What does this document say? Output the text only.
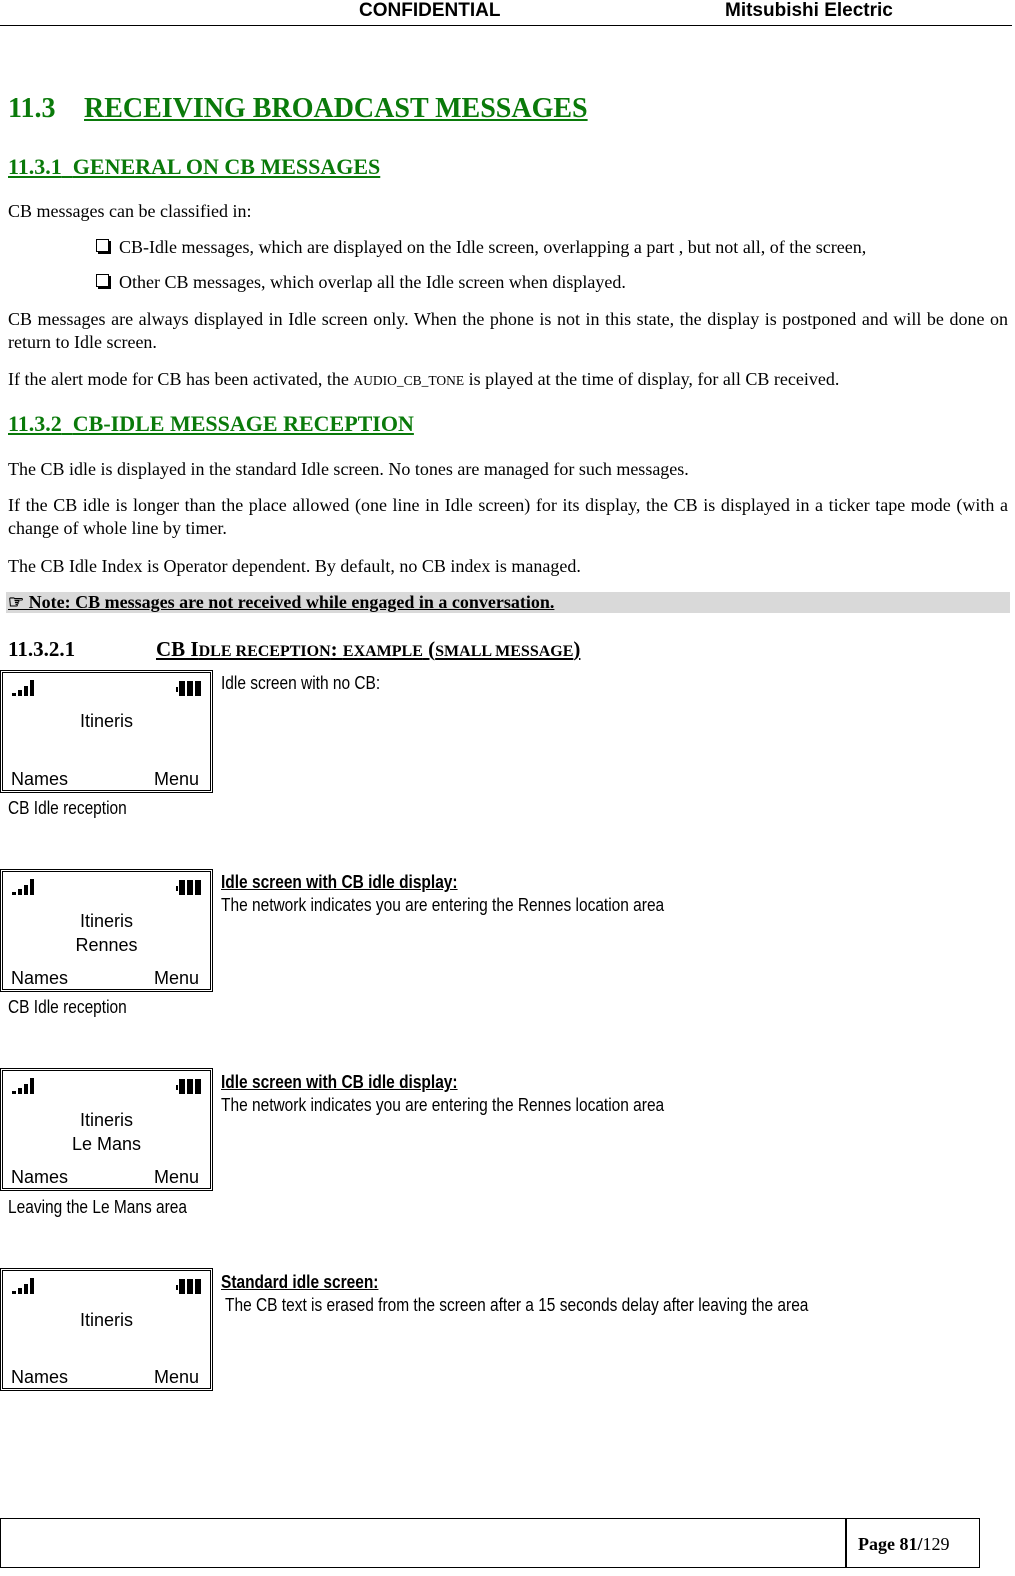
CONFIDENTIAL	Mitsubishi Electric
11.3 RECEIVING BROADCAST MESSAGES
11.3.1 GENERAL ON CB MESSAGES
CB messages can be classified in:
CB-Idle messages, which are displayed on the Idle screen, overlapping a part , but not all, of the screen,
Other CB messages, which overlap all the Idle screen when displayed.
CB messages are always displayed in Idle screen only. When the phone is not in this state, the display is postponed and will be done on return to Idle screen.
If the alert mode for CB has been activated, the AUDIO_CB_TONE is played at the time of display, for all CB received.
11.3.2 CB-IDLE MESSAGE RECEPTION
The CB idle is displayed in the standard Idle screen. No tones are managed for such messages.
If the CB idle is longer than the place allowed (one line in Idle screen) for its display, the CB is displayed in a ticker tape mode (with a change of whole line by timer.
The CB Idle Index is Operator dependent. By default, no CB index is managed.
☞ Note: CB messages are not received while engaged in a conversation.
11.3.2.1	CB IDLE RECEPTION: EXAMPLE (SMALL MESSAGE)
Itineris
Names	Menu
CB Idle reception
Idle screen with no CB:
Itineris
Rennes
Names	Menu
CB Idle reception
Idle screen with CB idle display:
The network indicates you are entering the Rennes location area
Itineris
Le Mans
Names	Menu
Leaving the Le Mans area
Idle screen with CB idle display:
The network indicates you are entering the Rennes location area
Itineris
Names	Menu
Standard idle screen:
The CB text is erased from the screen after a 15 seconds delay after leaving the area
Page 81/129
